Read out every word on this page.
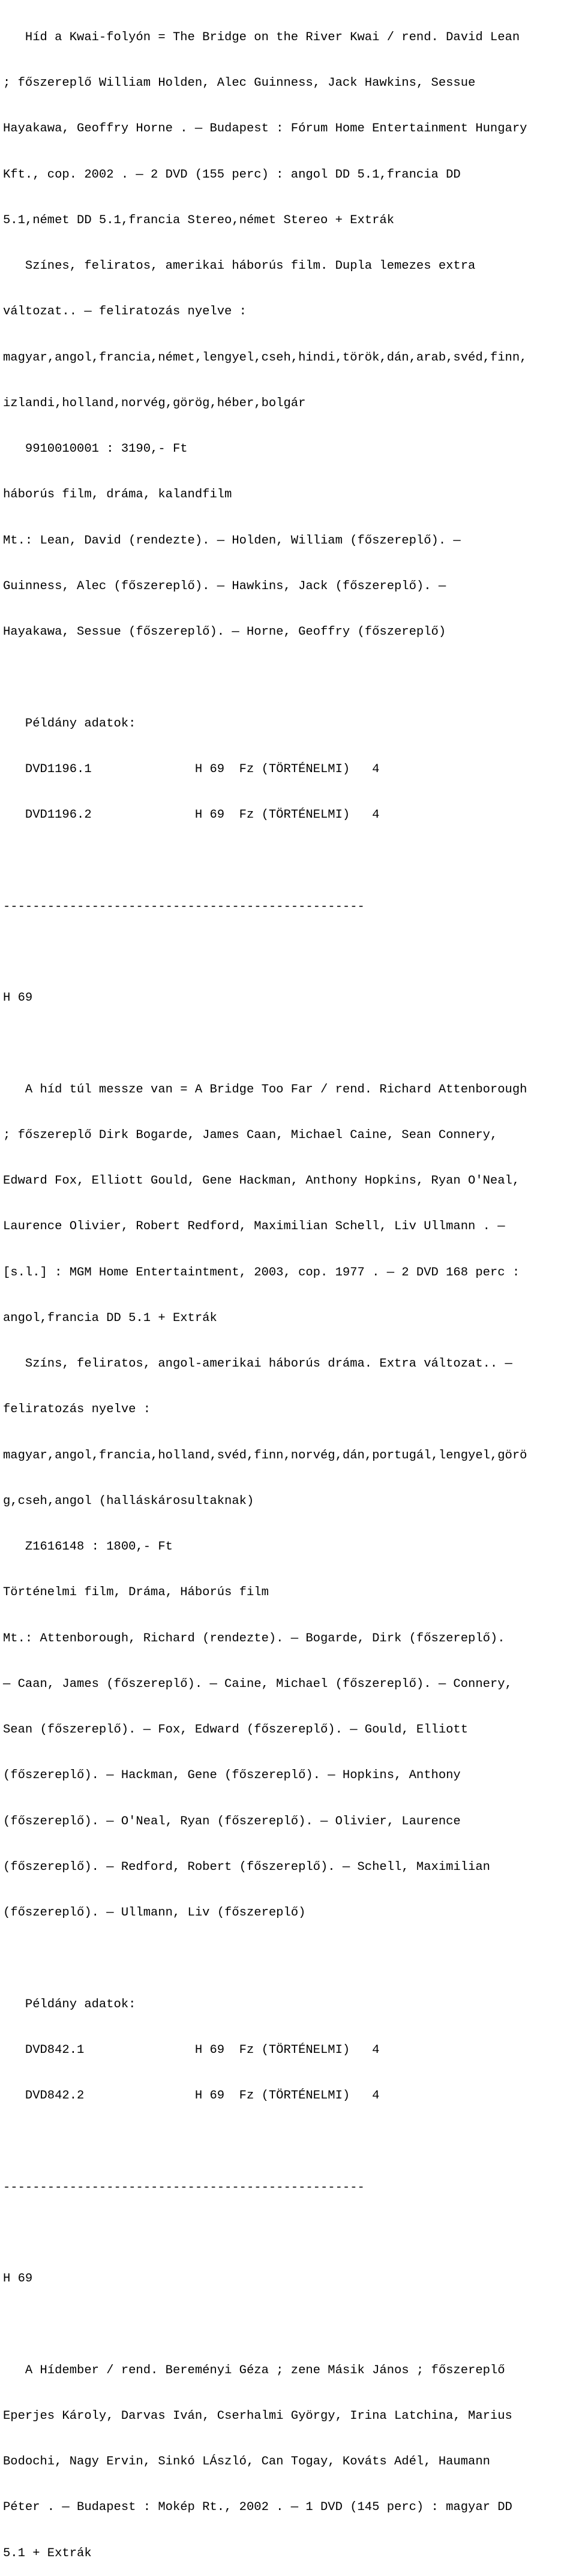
Híd a Kwai-folyón = The Bridge on the River Kwai / rend. David Lean

; főszereplő William Holden, Alec Guinness, Jack Hawkins, Sessue

Hayakawa, Geoffry Horne . — Budapest : Fórum Home Entertainment Hungary

Kft., cop. 2002 . — 2 DVD (155 perc) : angol DD 5.1,francia DD

5.1,német DD 5.1,francia Stereo,német Stereo + Extrák

Színes, feliratos, amerikai háborús film. Dupla lemezes extra

változat.. — feliratozás nyelve :

magyar,angol,francia,német,lengyel,cseh,hindi,török,dán,arab,svéd,finn,

izlandi,holland,norvég,görög,héber,bolgár

9910010001 : 3190,- Ft

háborús film, dráma, kalandfilm

Mt.: Lean, David (rendezte). — Holden, William (főszereplő). —

Guinness, Alec (főszereplő). — Hawkins, Jack (főszereplő). —

Hayakawa, Sessue (főszereplő). — Horne, Geoffry (főszereplő)

Példány adatok:

DVD1196.1              H 69  Fz (TÖRTÉNELMI)   4

DVD1196.2              H 69  Fz (TÖRTÉNELMI)   4

-------------------------------------------------

H 69

A híd túl messze van = A Bridge Too Far / rend. Richard Attenborough

; főszereplő Dirk Bogarde, James Caan, Michael Caine, Sean Connery,

Edward Fox, Elliott Gould, Gene Hackman, Anthony Hopkins, Ryan O'Neal,

Laurence Olivier, Robert Redford, Maximilian Schell, Liv Ullmann . —

[s.l.] : MGM Home Entertaintment, 2003, cop. 1977 . — 2 DVD 168 perc :

angol,francia DD 5.1 + Extrák

Színs, feliratos, angol-amerikai háborús dráma. Extra változat.. —

feliratozás nyelve :

magyar,angol,francia,holland,svéd,finn,norvég,dán,portugál,lengyel,görö

g,cseh,angol (halláskárosultaknak)

Z1616148 : 1800,- Ft

Történelmi film, Dráma, Háborús film

Mt.: Attenborough, Richard (rendezte). — Bogarde, Dirk (főszereplő).

— Caan, James (főszereplő). — Caine, Michael (főszereplő). — Connery,

Sean (főszereplő). — Fox, Edward (főszereplő). — Gould, Elliott

(főszereplő). — Hackman, Gene (főszereplő). — Hopkins, Anthony

(főszereplő). — O'Neal, Ryan (főszereplő). — Olivier, Laurence

(főszereplő). — Redford, Robert (főszereplő). — Schell, Maximilian

(főszereplő). — Ullmann, Liv (főszereplő)

Példány adatok:

DVD842.1               H 69  Fz (TÖRTÉNELMI)   4

DVD842.2               H 69  Fz (TÖRTÉNELMI)   4

-------------------------------------------------

H 69

A Hídember / rend. Bereményi Géza ; zene Másik János ; főszereplő

Eperjes Károly, Darvas Iván, Cserhalmi György, Irina Latchina, Marius

Bodochi, Nagy Ervin, Sinkó LÁszló, Can Togay, Kováts Adél, Haumann

Péter . — Budapest : Mokép Rt., 2002 . — 1 DVD (145 perc) : magyar DD

5.1 + Extrák
